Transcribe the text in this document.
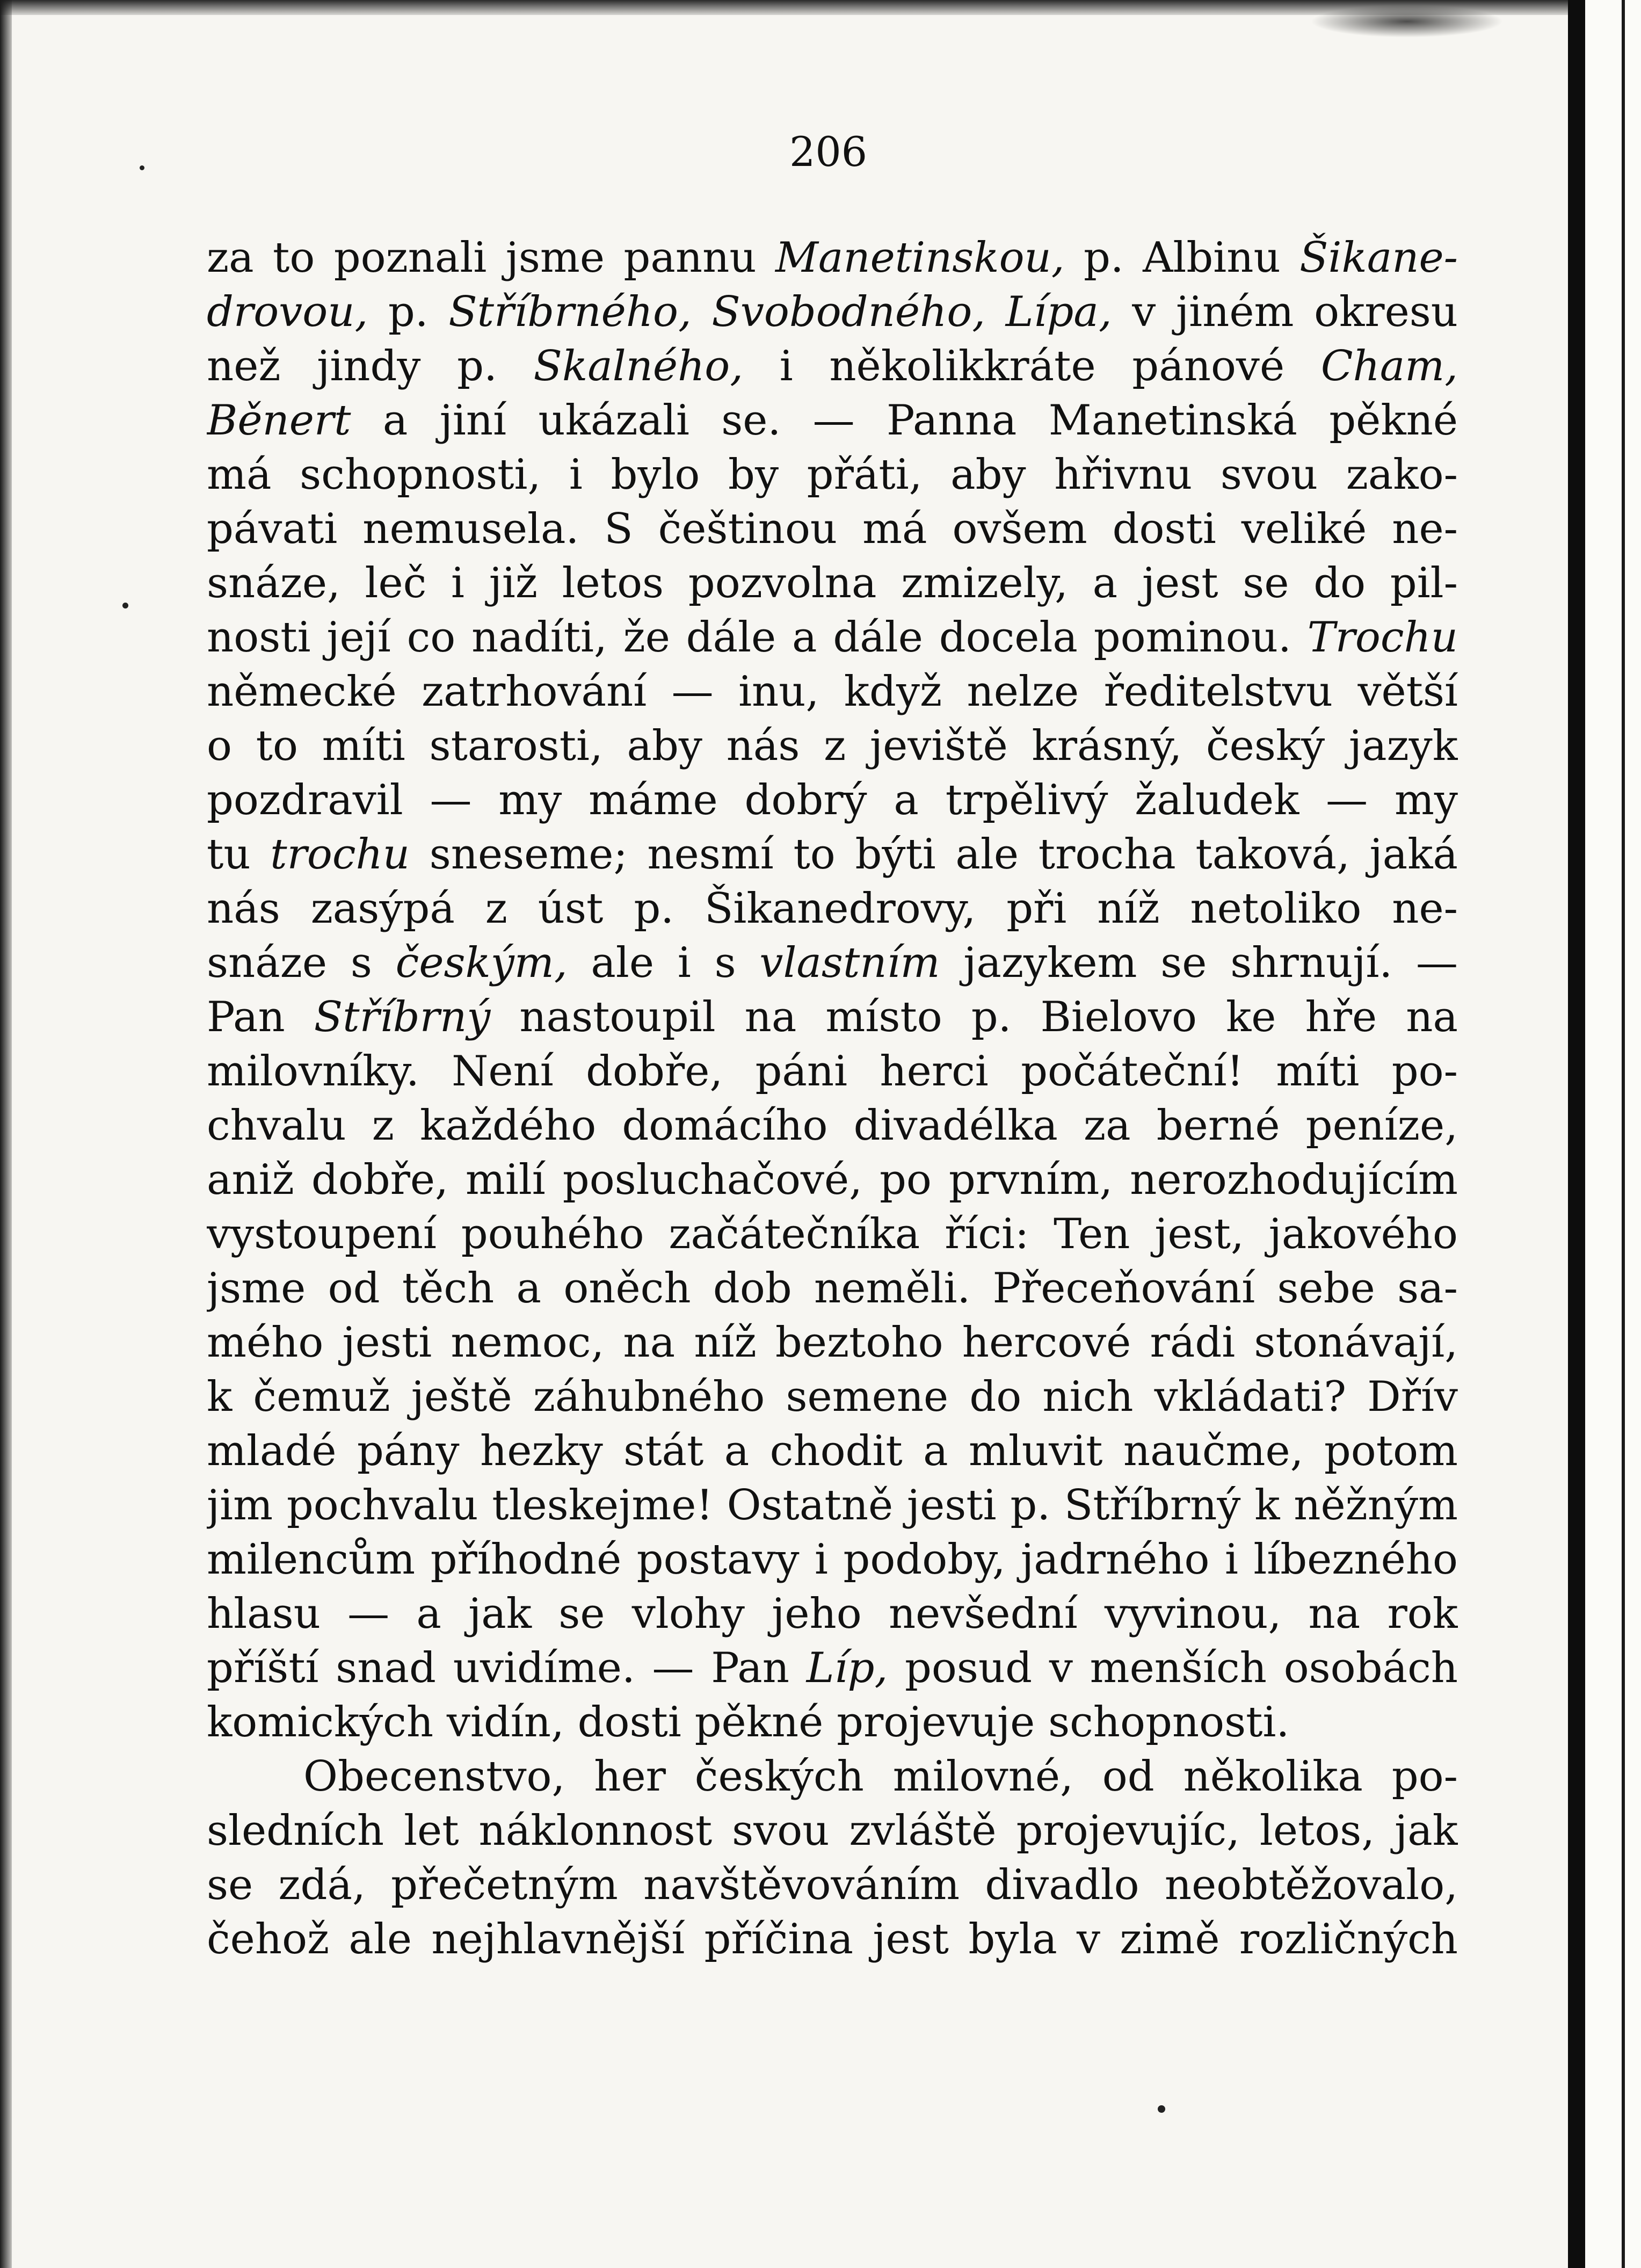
206
za to poznali jsme pannu Manetinskou, p. Albinu Šikane-
drovou, p. Stříbrného, Svobodného, Lípa, v jiném okresu
než jindy p. Skalného, i několikkráte pánové Cham,
Běnert a jiní ukázali se. — Panna Manetinská pěkné
má schopnosti, i bylo by přáti, aby hřivnu svou zako-
pávati nemusela. S češtinou má ovšem dosti veliké ne-
snáze, leč i již letos pozvolna zmizely, a jest se do pil-
nosti její co nadíti, že dále a dále docela pominou. Trochu
německé zatrhování — inu, když nelze ředitelstvu větší
o to míti starosti, aby nás z jeviště krásný, český jazyk
pozdravil — my máme dobrý a trpělivý žaludek — my
tu trochu sneseme; nesmí to býti ale trocha taková, jaká
nás zasýpá z úst p. Šikanedrovy, při níž netoliko ne-
snáze s českým, ale i s vlastním jazykem se shrnují. —
Pan Stříbrný nastoupil na místo p. Bielovo ke hře na
milovníky. Není dobře, páni herci počáteční! míti po-
chvalu z každého domácího divadélka za berné peníze,
aniž dobře, milí posluchačové, po prvním, nerozhodujícím
vystoupení pouhého začátečníka říci: Ten jest, jakového
jsme od těch a oněch dob neměli. Přeceňování sebe sa-
mého jesti nemoc, na níž beztoho hercové rádi stonávají,
k čemuž ještě záhubného semene do nich vkládati? Dřív
mladé pány hezky stát a chodit a mluvit naučme, potom
jim pochvalu tleskejme! Ostatně jesti p. Stříbrný k něžným
milencům příhodné postavy i podoby, jadrného i líbezného
hlasu — a jak se vlohy jeho nevšední vyvinou, na rok
příští snad uvidíme. — Pan Líp, posud v menších osobách
komických vidín, dosti pěkné projevuje schopnosti.
Obecenstvo, her českých milovné, od několika po-
sledních let náklonnost svou zvláště projevujíc, letos, jak
se zdá, přečetným navštěvováním divadlo neobtěžovalo,
čehož ale nejhlavnější příčina jest byla v zimě rozličných
